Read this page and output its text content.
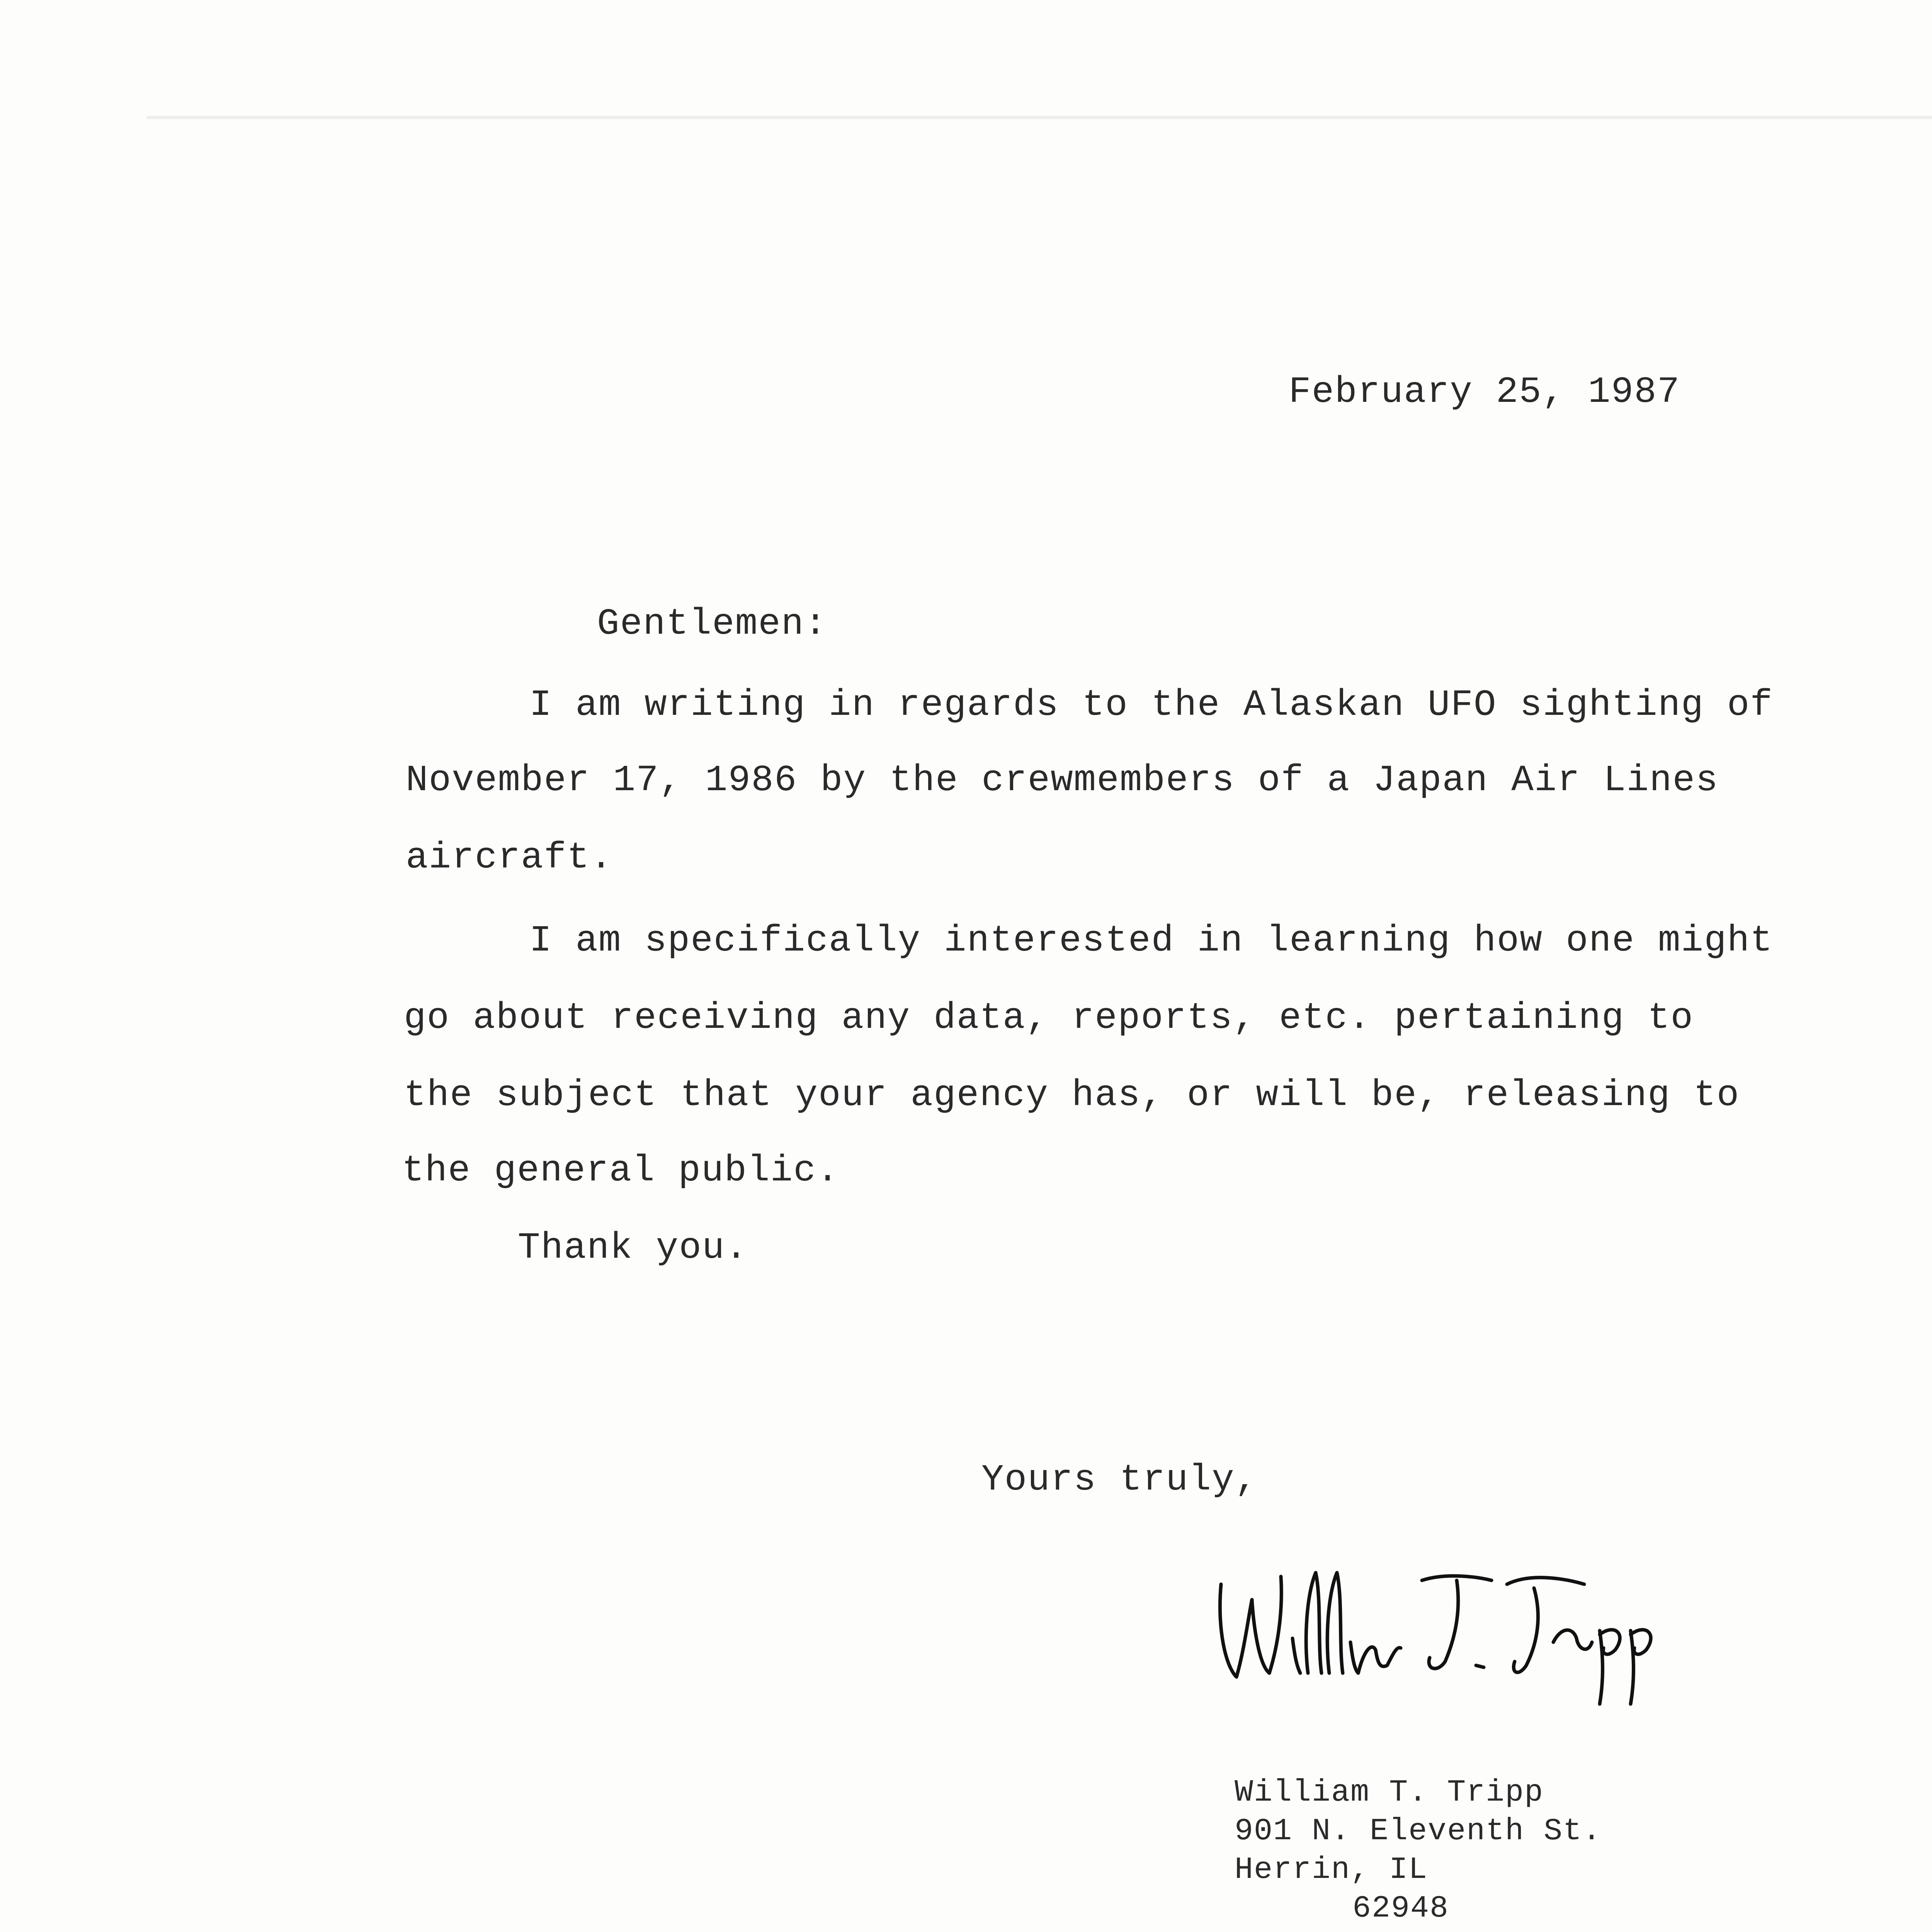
February 25, 1987
Gentlemen:
I am writing in regards to the Alaskan UFO sighting of
November 17, 1986 by the crewmembers of a Japan Air Lines
aircraft.
I am specifically interested in learning how one might
go about receiving any data, reports, etc. pertaining to
the subject that your agency has, or will be, releasing to
the general public.
Thank you.
Yours truly,
William T. Tripp
901 N. Eleventh St.
Herrin, IL
62948
